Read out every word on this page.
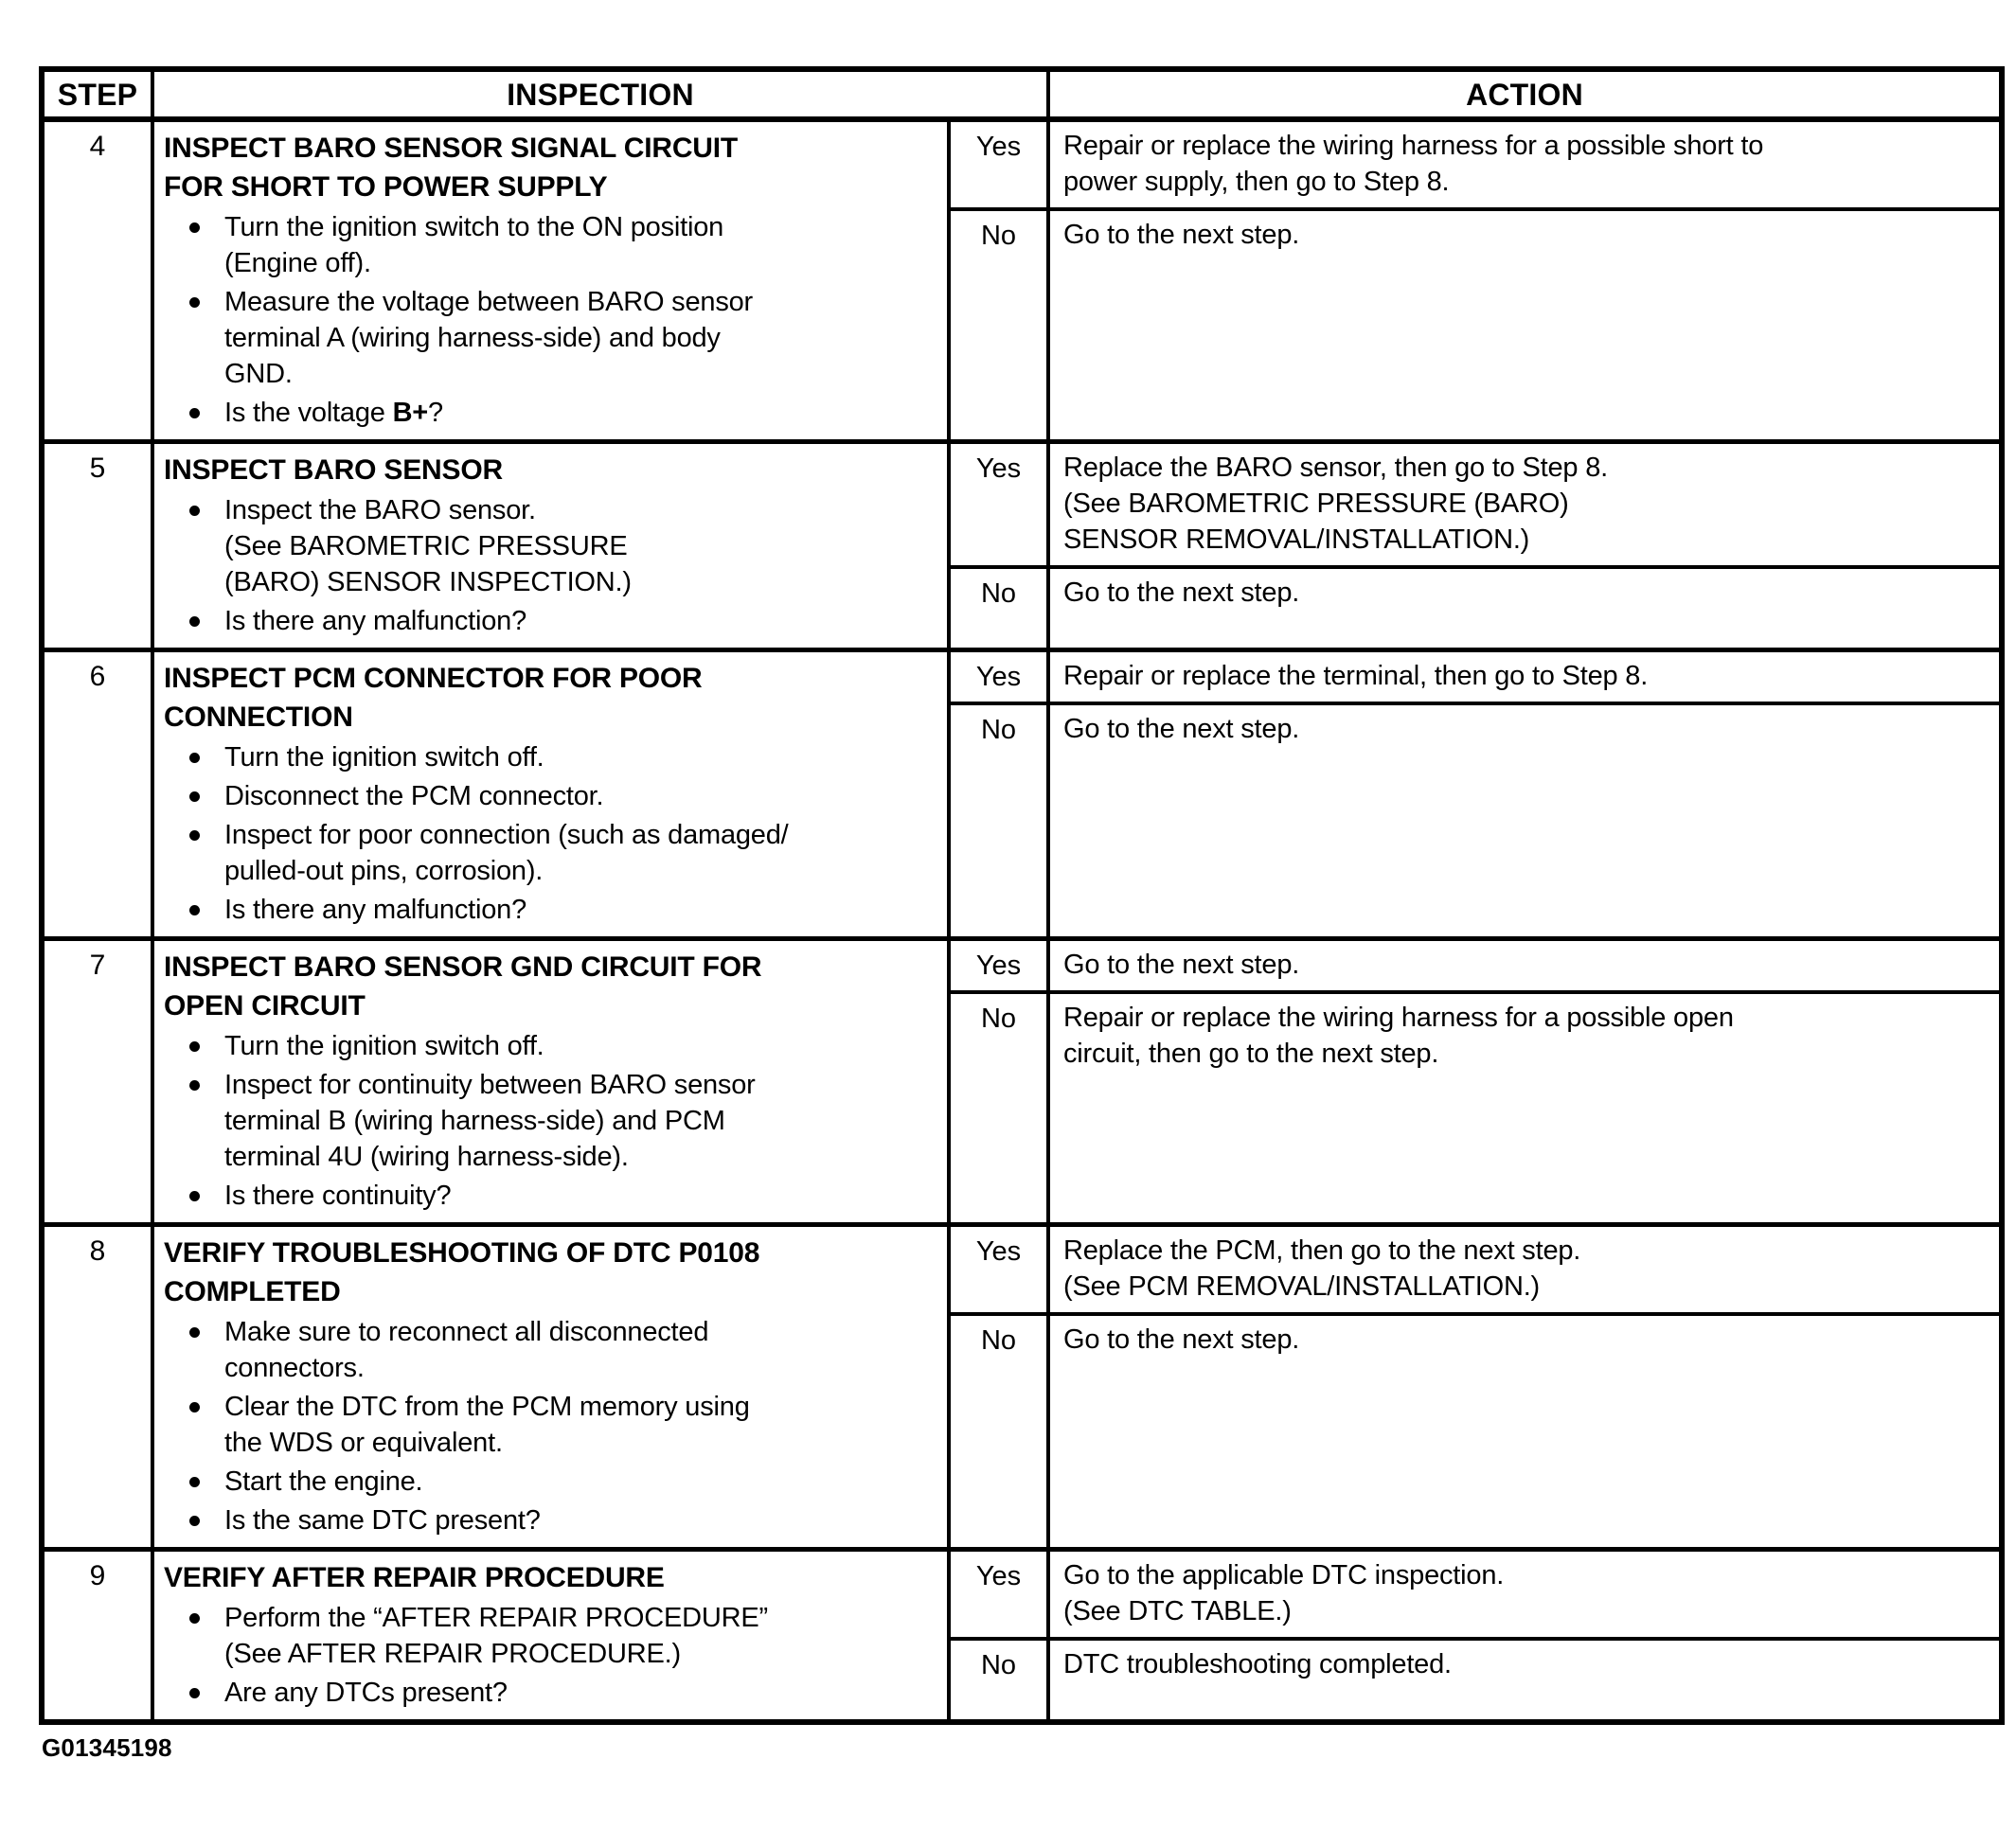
STEP	INSPECTION	ACTION
4	INSPECT BARO SENSOR SIGNAL CIRCUIT
FOR SHORT TO POWER SUPPLY
Turn the ignition switch to the ON position
(Engine off).
Measure the voltage between BARO sensor
terminal A (wiring harness-side) and body
GND.
Is the voltage B+?
Yes	Repair or replace the wiring harness for a possible short to
power supply, then go to Step 8.
No	Go to the next step.
5	INSPECT BARO SENSOR
Inspect the BARO sensor.
(See BAROMETRIC PRESSURE
(BARO) SENSOR INSPECTION.)
Is there any malfunction?
Yes	Replace the BARO sensor, then go to Step 8.
(See BAROMETRIC PRESSURE (BARO)
SENSOR REMOVAL/INSTALLATION.)
No	Go to the next step.
6	INSPECT PCM CONNECTOR FOR POOR
CONNECTION
Turn the ignition switch off.
Disconnect the PCM connector.
Inspect for poor connection (such as damaged/
pulled-out pins, corrosion).
Is there any malfunction?
Yes	Repair or replace the terminal, then go to Step 8.
No	Go to the next step.
7	INSPECT BARO SENSOR GND CIRCUIT FOR
OPEN CIRCUIT
Turn the ignition switch off.
Inspect for continuity between BARO sensor
terminal B (wiring harness-side) and PCM
terminal 4U (wiring harness-side).
Is there continuity?
Yes	Go to the next step.
No	Repair or replace the wiring harness for a possible open
circuit, then go to the next step.
8	VERIFY TROUBLESHOOTING OF DTC P0108
COMPLETED
Make sure to reconnect all disconnected
connectors.
Clear the DTC from the PCM memory using
the WDS or equivalent.
Start the engine.
Is the same DTC present?
Yes	Replace the PCM, then go to the next step.
(See PCM REMOVAL/INSTALLATION.)
No	Go to the next step.
9	VERIFY AFTER REPAIR PROCEDURE
Perform the “AFTER REPAIR PROCEDURE”
(See AFTER REPAIR PROCEDURE.)
Are any DTCs present?
Yes	Go to the applicable DTC inspection.
(See DTC TABLE.)
No	DTC troubleshooting completed.
G01345198
